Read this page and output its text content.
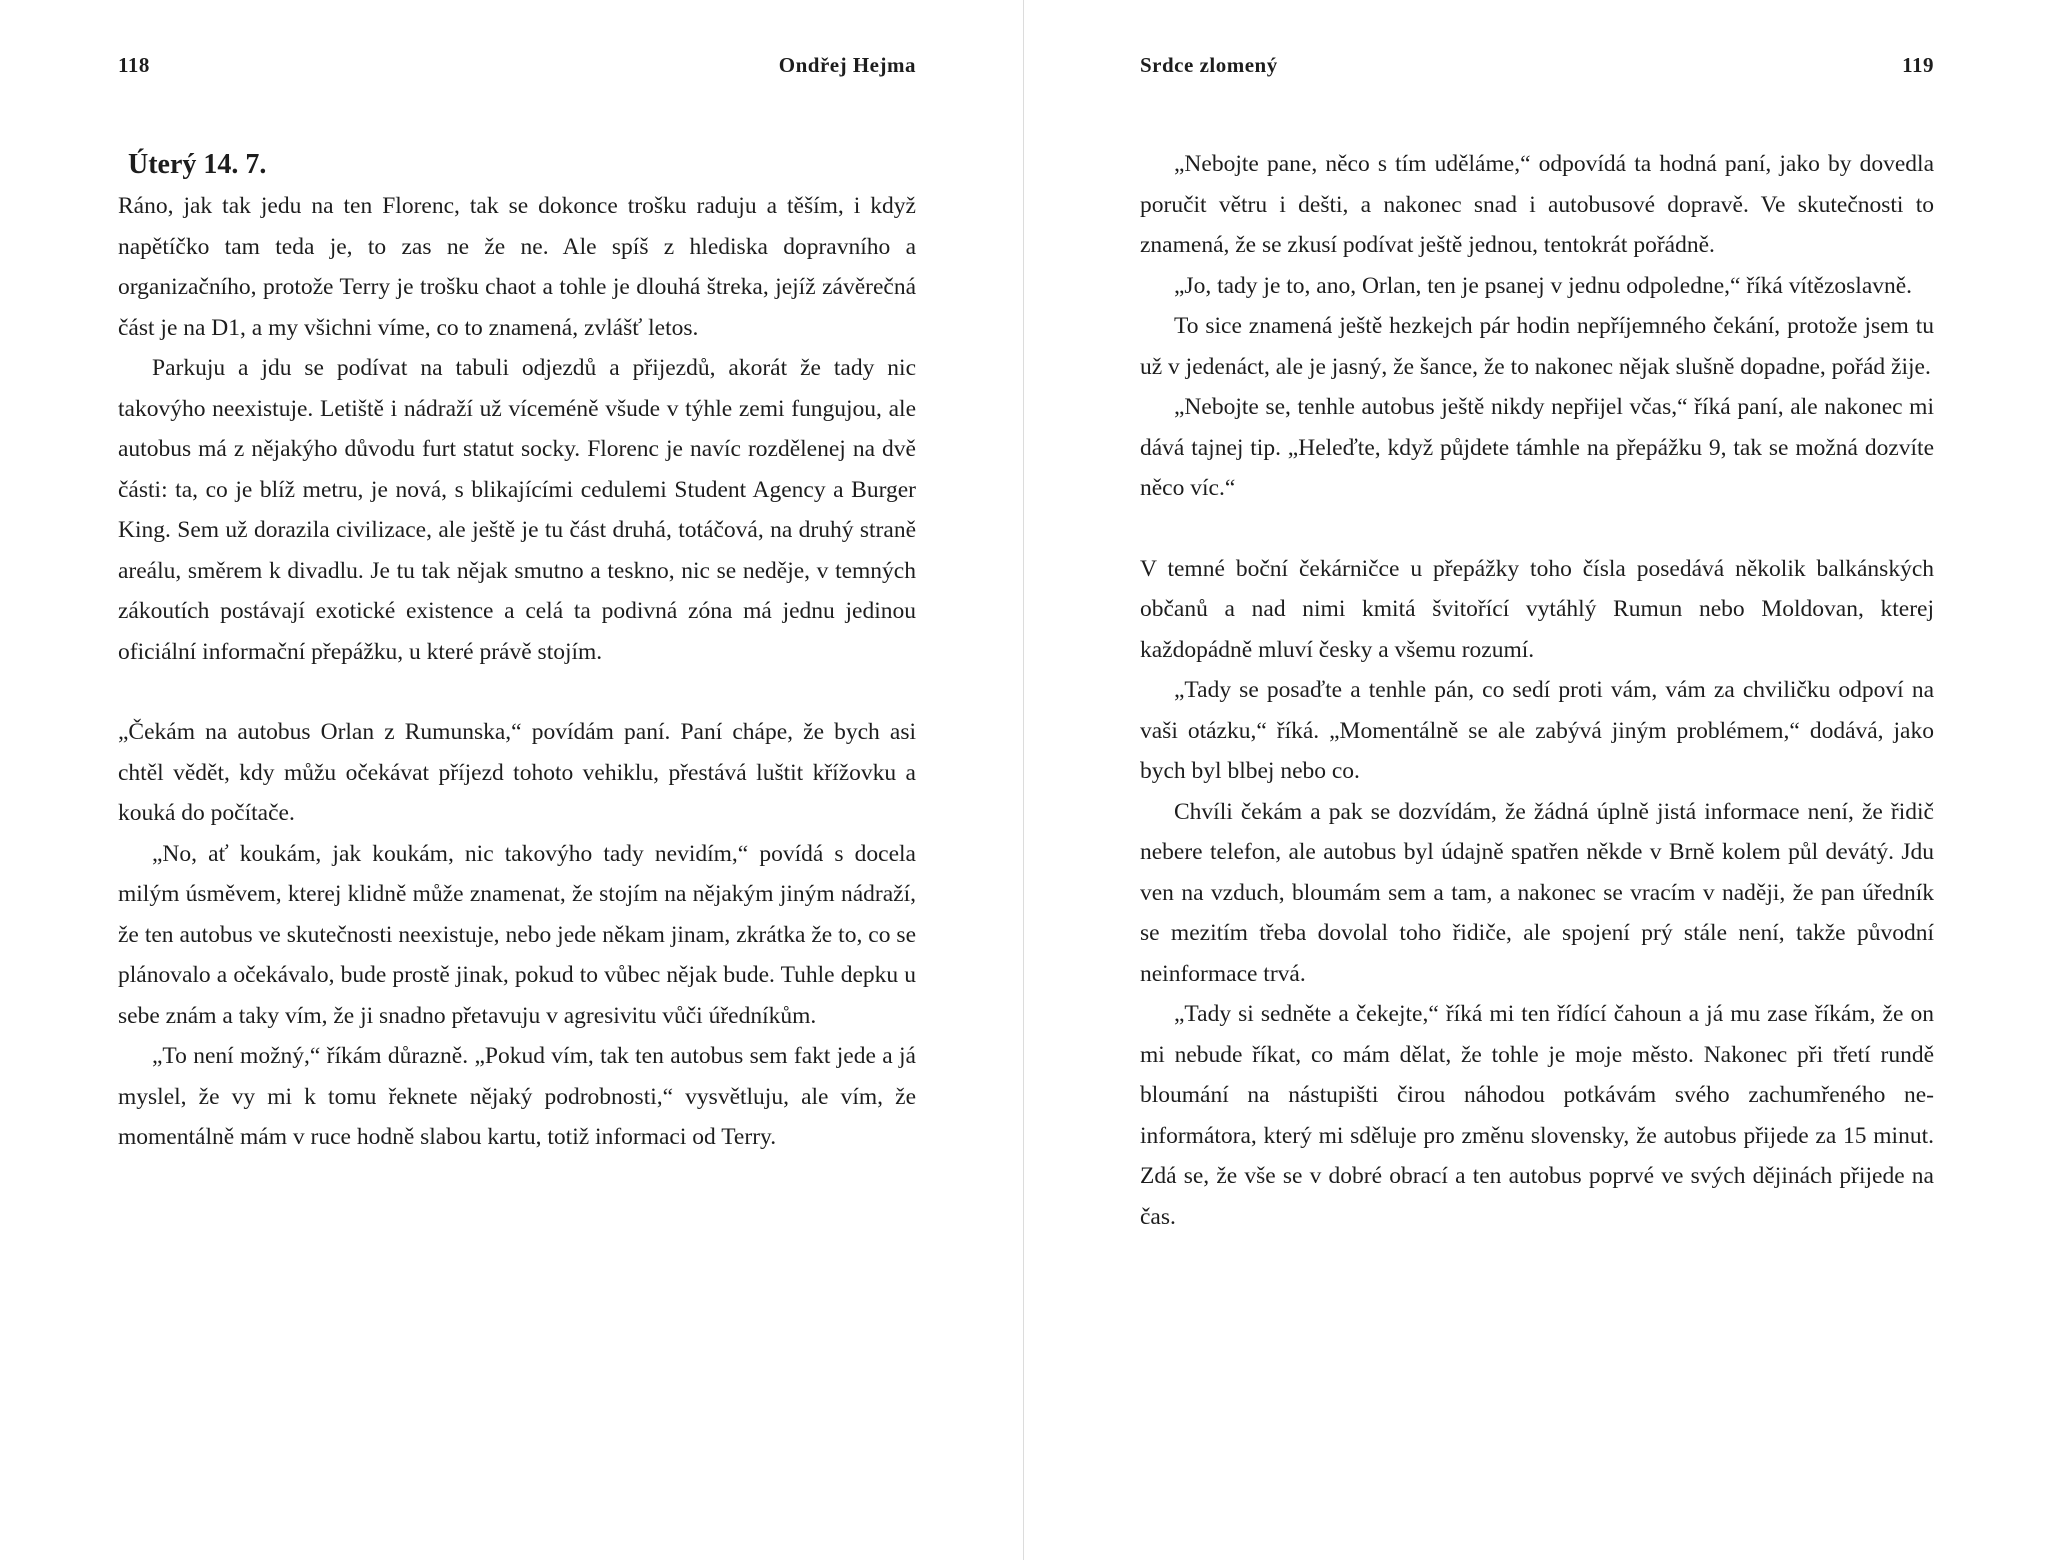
118	Ondřej Hejma
Úterý 14. 7.

Ráno, jak tak jedu na ten Florenc, tak se dokonce trošku raduju a těším, i když napětíčko tam teda je, to zas ne že ne. Ale spíš z hlediska dopravního a organizačního, protože Terry je trošku chaot a tohle je dlouhá štreka, jejíž závěrečná část je na D1, a my všichni víme, co to znamená, zvlášť letos.

Parkuju a jdu se podívat na tabuli odjezdů a přijezdů, akorát že tady nic takovýho neexistuje. Letiště i nádraží už víceméně všude v týhle zemi fungujou, ale autobus má z nějakýho důvodu furt statut socky. Florenc je navíc rozdělenej na dvě části: ta, co je blíž metru, je nová, s blikajícími cedulemi Student Agency a Burger King. Sem už dorazila civilizace, ale ještě je tu část druhá, totáčová, na druhý straně areálu, směrem k divadlu. Je tu tak nějak smutno a teskno, nic se neděje, v temných zákoutích postávají exotické existence a celá ta podivná zóna má jednu jedinou oficiální informační přepážku, u které právě stojím.

„Čekám na autobus Orlan z Rumunska,“ povídám paní. Paní chápe, že bych asi chtěl vědět, kdy můžu očekávat příjezd tohoto vehiklu, přestává luštit křížovku a kouká do počítače.

„No, ať koukám, jak koukám, nic takovýho tady nevidím,“ povídá s docela milým úsměvem, kterej klidně může znamenat, že stojím na nějakým jiným nádraží, že ten autobus ve skutečnosti neexistuje, nebo jede někam jinam, zkrátka že to, co se plánovalo a očekávalo, bude prostě jinak, pokud to vůbec nějak bude. Tuhle depku u sebe znám a taky vím, že ji snadno přetavuju v agresivitu vůči úředníkům.

„To není možný,“ říkám důrazně. „Pokud vím, tak ten autobus sem fakt jede a já myslel, že vy mi k tomu řeknete nějaký podrobnosti,“ vysvětluju, ale vím, že momentálně mám v ruce hodně slabou kartu, totiž informaci od Terry.

Srdce zlomený	119

„Nebojte pane, něco s tím uděláme,“ odpovídá ta hodná paní, jako by dovedla poručit větru i dešti, a nakonec snad i autobusové dopravě. Ve skutečnosti to znamená, že se zkusí podívat ještě jednou, tentokrát pořádně.

„Jo, tady je to, ano, Orlan, ten je psanej v jednu odpoledne,“ říká vítězoslavně.

To sice znamená ještě hezkejch pár hodin nepříjemného čekání, protože jsem tu už v jedenáct, ale je jasný, že šance, že to nakonec nějak slušně dopadne, pořád žije.

„Nebojte se, tenhle autobus ještě nikdy nepřijel včas,“ říká paní, ale nakonec mi dává tajnej tip. „Heleďte, když půjdete támhle na přepážku 9, tak se možná dozvíte něco víc.“

V temné boční čekárničce u přepážky toho čísla posedává několik balkánských občanů a nad nimi kmitá švitořící vytáhlý Rumun nebo Moldovan, kterej každopádně mluví česky a všemu rozumí.

„Tady se posaďte a tenhle pán, co sedí proti vám, vám za chviličku odpoví na vaši otázku,“ říká. „Momentálně se ale zabývá jiným problémem,“ dodává, jako bych byl blbej nebo co.

Chvíli čekám a pak se dozvídám, že žádná úplně jistá informace není, že řidič nebere telefon, ale autobus byl údajně spatřen někde v Brně kolem půl devátý. Jdu ven na vzduch, bloumám sem a tam, a nakonec se vracím v naději, že pan úředník se mezitím třeba dovolal toho řidiče, ale spojení prý stále není, takže původní neinformace trvá.

„Tady si sedněte a čekejte,“ říká mi ten řídící čahoun a já mu zase říkám, že on mi nebude říkat, co mám dělat, že tohle je moje město. Nakonec při třetí rundě bloumání na nástupišti čirou náhodou potkávám svého zachumřeného ne-informátora, který mi sděluje pro změnu slovensky, že autobus přijede za 15 minut. Zdá se, že vše se v dobré obrací a ten autobus poprvé ve svých dějinách přijede na čas.
